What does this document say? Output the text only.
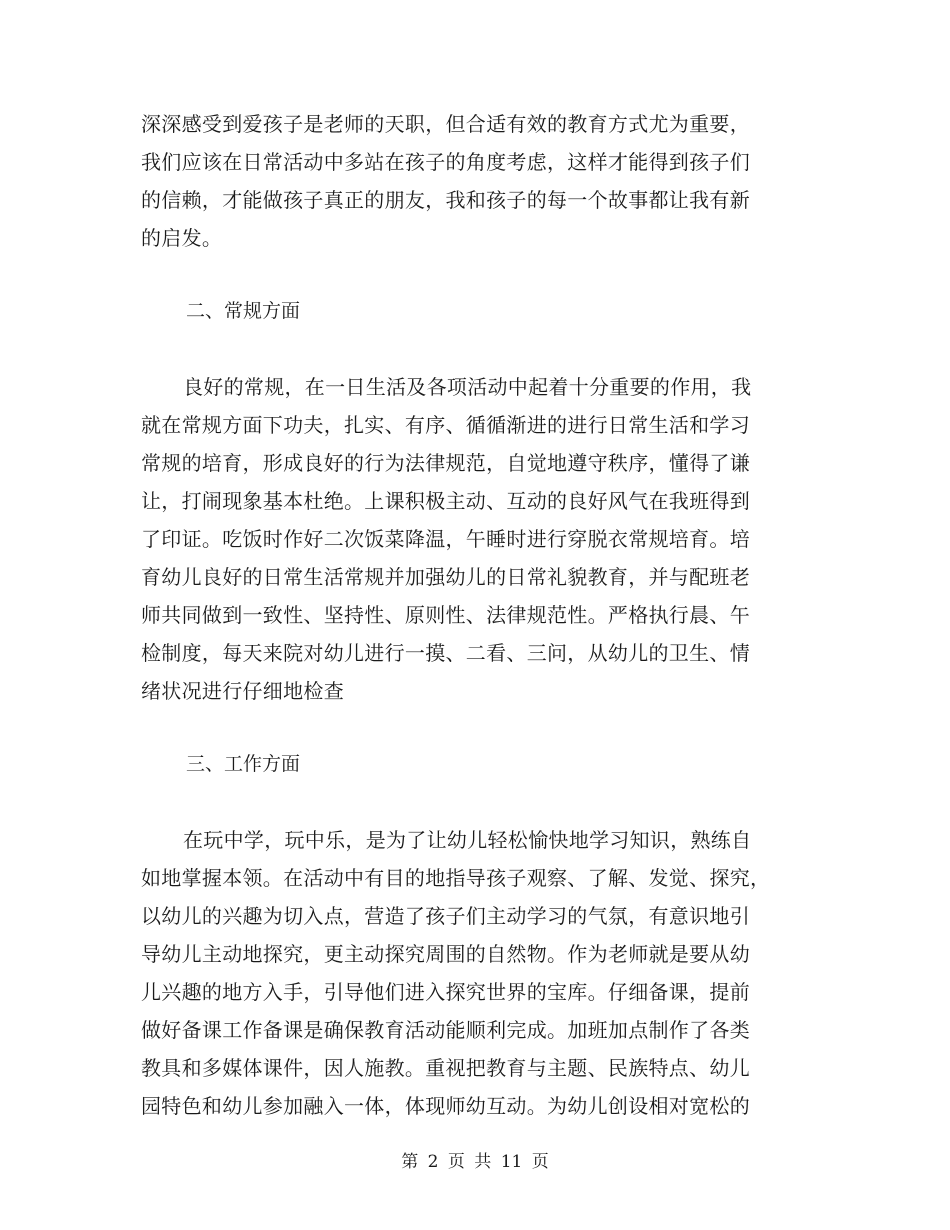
深深感受到爱孩子是老师的天职，但合适有效的教育方式尤为重要，
我们应该在日常活动中多站在孩子的角度考虑，这样才能得到孩子们
的信赖，才能做孩子真正的朋友，我和孩子的每一个故事都让我有新
的启发。
二、常规方面
良好的常规，在一日生活及各项活动中起着十分重要的作用，我
就在常规方面下功夫，扎实、有序、循循渐进的进行日常生活和学习
常规的培育，形成良好的行为法律规范，自觉地遵守秩序，懂得了谦
让，打闹现象基本杜绝。上课积极主动、互动的良好风气在我班得到
了印证。吃饭时作好二次饭菜降温，午睡时进行穿脱衣常规培育。培
育幼儿良好的日常生活常规并加强幼儿的日常礼貌教育，并与配班老
师共同做到一致性、坚持性、原则性、法律规范性。严格执行晨、午
检制度，每天来院对幼儿进行一摸、二看、三问，从幼儿的卫生、情
绪状况进行仔细地检查
三、工作方面
在玩中学，玩中乐，是为了让幼儿轻松愉快地学习知识，熟练自
如地掌握本领。在活动中有目的地指导孩子观察、了解、发觉、探究，
以幼儿的兴趣为切入点，营造了孩子们主动学习的气氛，有意识地引
导幼儿主动地探究，更主动探究周围的自然物。作为老师就是要从幼
儿兴趣的地方入手，引导他们进入探究世界的宝库。仔细备课，提前
做好备课工作备课是确保教育活动能顺利完成。加班加点制作了各类
教具和多媒体课件，因人施教。重视把教育与主题、民族特点、幼儿
园特色和幼儿参加融入一体，体现师幼互动。为幼儿创设相对宽松的
第 2 页 共 11 页
